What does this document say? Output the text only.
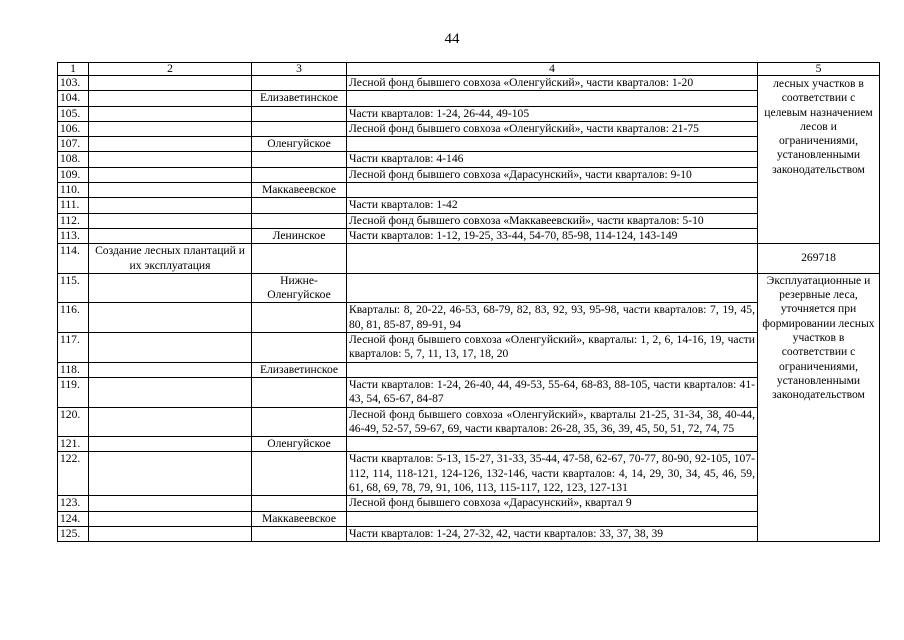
44
1	2	3	4	5
103.			Лесной фонд бывшего совхоза «Оленгуйский», части кварталов: 1-20	лесных участков в соответствии с целевым назначением лесов и ограничениями, установленными законодательством
104.		Елизаветинское		
105.			Части кварталов: 1-24, 26-44, 49-105	
106.			Лесной фонд бывшего совхоза «Оленгуйский», части кварталов: 21-75	
107.		Оленгуйское		
108.			Части кварталов: 4-146	
109.			Лесной фонд бывшего совхоза «Дарасунский», части кварталов: 9-10	
110.		Маккавеевское		
111.			Части кварталов: 1-42	
112.			Лесной фонд бывшего совхоза «Маккавеевский», части кварталов: 5-10	
113.		Ленинское	Части кварталов: 1-12, 19-25, 33-44, 54-70, 85-98, 114-124, 143-149	
114.	Создание лесных плантаций и их эксплуатация			269718
115.		Нижне-Оленгуйское		Эксплуатационные и резервные леса, уточняется при формировании лесных участков в соответствии с ограничениями, установленными законодательством
116.			Кварталы: 8, 20-22, 46-53, 68-79, 82, 83, 92, 93, 95-98, части кварталов: 7, 19, 45, 80, 81, 85-87, 89-91, 94	
117.			Лесной фонд бывшего совхоза «Оленгуйский», кварталы: 1, 2, 6, 14-16, 19, части кварталов: 5, 7, 11, 13, 17, 18, 20	
118.		Елизаветинское		
119.			Части кварталов: 1-24, 26-40, 44, 49-53, 55-64, 68-83, 88-105, части кварталов: 41-43, 54, 65-67, 84-87	
120.			Лесной фонд бывшего совхоза «Оленгуйский», кварталы 21-25, 31-34, 38, 40-44, 46-49, 52-57, 59-67, 69, части кварталов: 26-28, 35, 36, 39, 45, 50, 51, 72, 74, 75	
121.		Оленгуйское		
122.			Части кварталов: 5-13, 15-27, 31-33, 35-44, 47-58, 62-67, 70-77, 80-90, 92-105, 107-112, 114, 118-121, 124-126, 132-146, части кварталов: 4, 14, 29, 30, 34, 45, 46, 59, 61, 68, 69, 78, 79, 91, 106, 113, 115-117, 122, 123, 127-131	
123.			Лесной фонд бывшего совхоза «Дарасунский», квартал 9	
124.		Маккавеевское		
125.			Части кварталов: 1-24, 27-32, 42, части кварталов: 33, 37, 38, 39	
